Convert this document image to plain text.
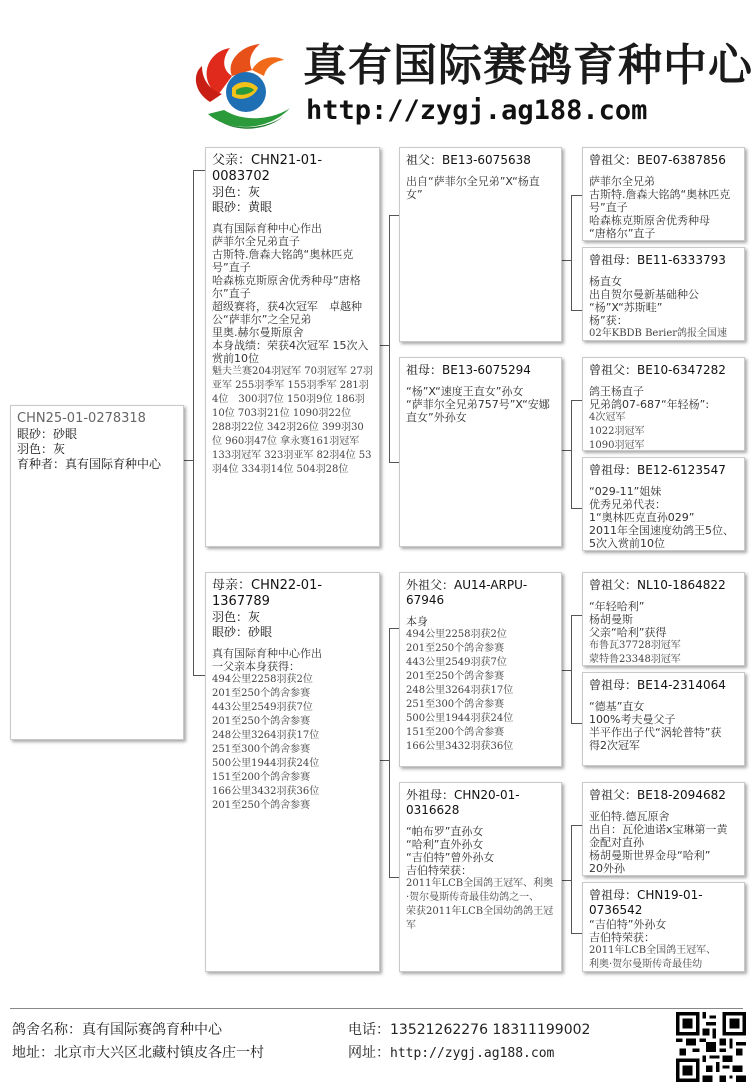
真有国际赛鸽育种中心
http://zygj.ag188.com
CHN25-01-0278318
眼砂：砂眼
羽色：灰
育种者：真有国际育种中心
父亲：CHN21-01-0083702
羽色：灰
眼砂：黄眼
真有国际育种中心作出
萨菲尔全兄弟直子
古斯特.詹森大铭鸽“奥林匹克号”直子
哈森栋克斯原舍优秀种母“唐格尔”直子
超级赛将，获4次冠军　卓越种公“萨菲尔”之全兄弟
里奥.赫尔曼斯原舍
本身战绩：荣获4次冠军 15次入赏前10位
魁夫兰赛204羽冠军 70羽冠军 27羽亚军 255羽季军 155羽季军 281羽4位　300羽7位 150羽9位 186羽10位 703羽21位 1090羽22位 288羽22位 342羽26位 399羽30位 960羽47位 拿永赛161羽冠军 133羽冠军 323羽亚军 82羽4位 53羽4位 334羽14位 504羽28位
母亲：CHN22-01-1367789
羽色：灰
眼砂：砂眼
真有国际育种中心作出
一父亲本身获得：
494公里2258羽获2位
201至250个鸽舍参赛
443公里2549羽获7位
201至250个鸽舍参赛
248公里3264羽获17位
251至300个鸽舍参赛
500公里1944羽获24位
151至200个鸽舍参赛
166公里3432羽获36位
201至250个鸽舍参赛
祖父：BE13-6075638
出自“萨菲尔全兄弟”X“杨直女”
祖母：BE13-6075294
“杨”X“速度王直女”孙女
“萨菲尔全兄弟757号”X“安娜直女”外孙女
外祖父：AU14-ARPU-67946
本身
494公里2258羽获2位
201至250个鸽舍参赛
443公里2549羽获7位
201至250个鸽舍参赛
248公里3264羽获17位
251至300个鸽舍参赛
500公里1944羽获24位
151至200个鸽舍参赛
166公里3432羽获36位
外祖母：CHN20-01-0316628
“帕布罗”直孙女
“哈利”直外孙女
“吉伯特”曾外孙女
吉伯特荣获：
2011年LCB全国鸽王冠军、利奥·贺尔曼斯传奇最佳幼鸽之一、
荣获2011年LCB全国幼鸽鸽王冠军
曾祖父：BE07-6387856
萨菲尔全兄弟
古斯特.詹森大铭鸽“奥林匹克号”直子
哈森栋克斯原舍优秀种母
“唐格尔”直子
曾祖母：BE11-6333793
杨直女
出自贺尔曼新基础种公
“杨”X“苏斯畦”
杨”获：
02年KBDB Berier鸽报全国速
曾祖父：BE10-6347282
鸽王杨直子
兄弟鸽07-687“年轻杨”:
4次冠军
1022羽冠军
1090羽冠军
曾祖母：BE12-6123547
“029-11”姐妹
优秀兄弟代表：
1“奥林匹克直孙029”
2011年全国速度幼鸽王5位、
5次入赏前10位
曾祖父：NL10-1864822
“年轻哈利”
杨胡曼斯
父亲“哈利”获得
布鲁瓦37728羽冠军
蒙特鲁23348羽冠军
曾祖母：BE14-2314064
“德基”直女
100%考夫曼父子
半平作出子代“涡轮普特”获
得2次冠军
曾祖父：BE18-2094682
亚伯特.德瓦原舍
出自：瓦伦迪诺x宝琳第一黄金配对直孙
杨胡曼斯世界金母“哈利”
20外孙
曾祖母：CHN19-01-0736542
“吉伯特”外孙女
吉伯特荣获：
2011年LCB全国鸽王冠军、
利奥·贺尔曼斯传奇最佳幼
鸽舍名称：真有国际赛鸽育种中心
地址：北京市大兴区北藏村镇皮各庄一村
电话：13521262276 18311199002
网址：http://zygj.ag188.com
